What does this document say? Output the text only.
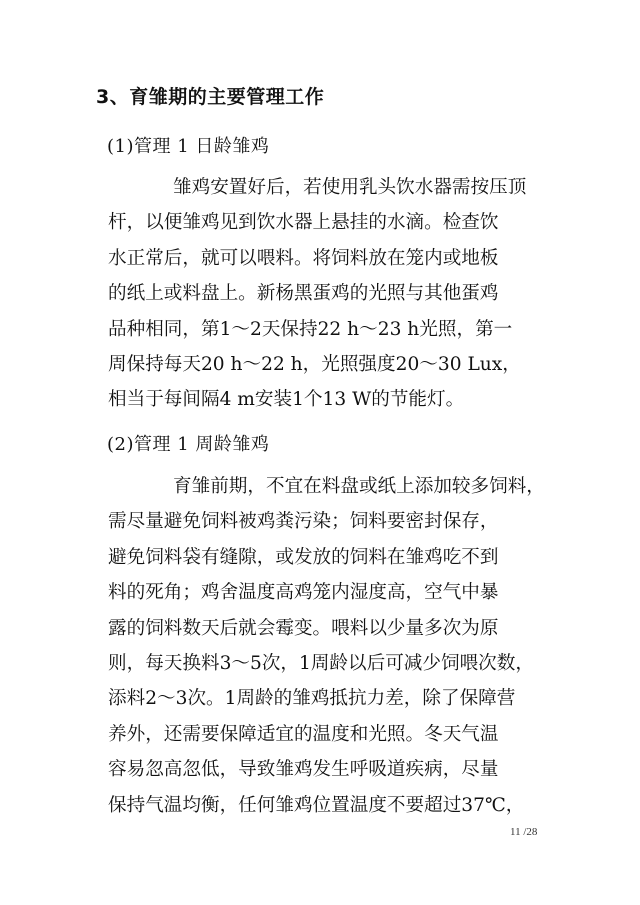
3、育雏期的主要管理工作
(1)管理 1 日龄雏鸡
雏鸡安置好后，若使用乳头饮水器需按压顶
杆，以便雏鸡见到饮水器上悬挂的水滴。检查饮
水正常后，就可以喂料。将饲料放在笼内或地板
的纸上或料盘上。新杨黑蛋鸡的光照与其他蛋鸡
品种相同，第1～2天保持22 h～23 h光照，第一
周保持每天20 h～22 h，光照强度20～30 Lux，
相当于每间隔4 m安装1个13 W的节能灯。
(2)管理 1 周龄雏鸡
育雏前期，不宜在料盘或纸上添加较多饲料，
需尽量避免饲料被鸡粪污染；饲料要密封保存，
避免饲料袋有缝隙，或发放的饲料在雏鸡吃不到
料的死角；鸡舍温度高鸡笼内湿度高，空气中暴
露的饲料数天后就会霉变。喂料以少量多次为原
则，每天换料3～5次，1周龄以后可减少饲喂次数，
添料2～3次。1周龄的雏鸡抵抗力差，除了保障营
养外，还需要保障适宜的温度和光照。冬天气温
容易忽高忽低，导致雏鸡发生呼吸道疾病，尽量
保持气温均衡，任何雏鸡位置温度不要超过37℃，
11 /28
